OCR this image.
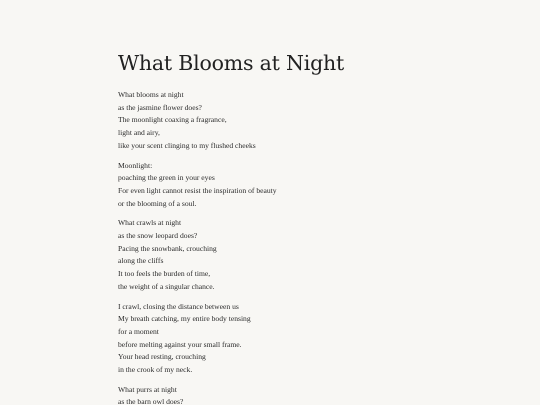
What Blooms at Night
What blooms at night
as the jasmine flower does?
The moonlight coaxing a fragrance,
light and airy,
like your scent clinging to my flushed cheeks
Moonlight:
poaching the green in your eyes
For even light cannot resist the inspiration of beauty
or the blooming of a soul.
What crawls at night
as the snow leopard does?
Pacing the snowbank, crouching
along the cliffs
It too feels the burden of time,
the weight of a singular chance.
I crawl, closing the distance between us
My breath catching, my entire body tensing
for a moment
before melting against your small frame.
Your head resting, crouching
in the crook of my neck.
What purrs at night
as the barn owl does?
